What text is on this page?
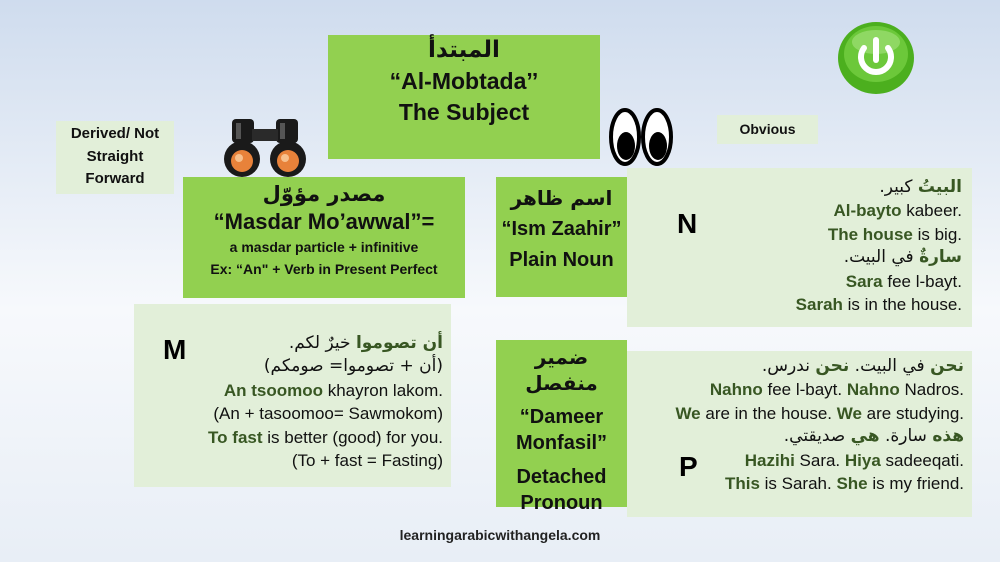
المبتدأ
“Al-Mobtada’’
The Subject
Derived/ Not Straight Forward
Obvious
مصدر مؤوّل
“Masdar Mo’awwal”=
a masdar particle + infinitive
Ex: “An" + Verb in Present Perfect
اسم ظاهر
“Ism Zaahir”
Plain Noun
ضمير منفصل
“Dameer
Monfasil”
Detached
Pronoun
البيتُ كبير.
Al-bayto kabeer.
The house is big.
سارةٌ في البيت.
Sara fee l-bayt.
Sarah is in the house.
N
أن تصوموا خيرٌ لكم.
(أن + تصوموا= صومكم)
An tsoomoo khayron lakom.
(An + tasoomoo= Sawmokom)
To fast is better (good) for you.
(To + fast = Fasting)
M
نحن في البيت. نحن ندرس.
Nahno fee l-bayt. Nahno Nadros.
We are in the house. We are studying.
هذه سارة. هي صديقتي.
Hazihi Sara. Hiya sadeeqati.
This is Sarah. She is my friend.
P
learningarabicwithangela.com
